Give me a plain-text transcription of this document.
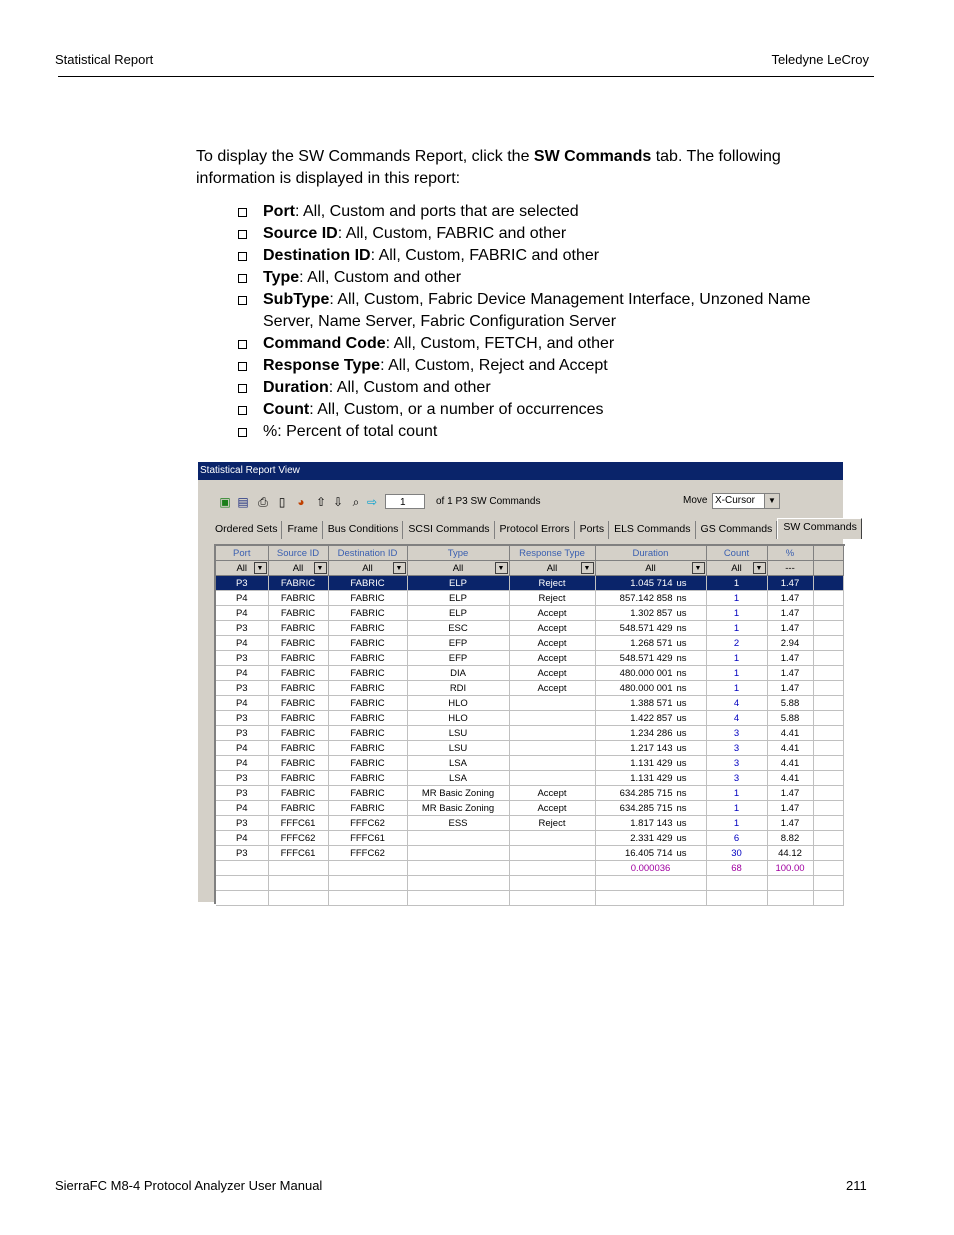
Statistical Report	Teledyne LeCroy
To display the SW Commands Report, click the SW Commands tab. The following information is displayed in this report:
Port: All, Custom and ports that are selected
Source ID: All, Custom, FABRIC and other
Destination ID: All, Custom, FABRIC and other
Type: All, Custom and other
SubType: All, Custom, Fabric Device Management Interface, Unzoned Name Server, Name Server, Fabric Configuration Server
Command Code: All, Custom, FETCH, and other
Response Type: All, Custom, Reject and Accept
Duration: All, Custom and other
Count: All, Custom, or a number of occurrences
%: Percent of total count
Statistical Report View
▣ ▤ ⎙ ▯	◕ ⇧ ⇩ ⌕ ⇨	1	of 1 P3 SW Commands	Move X-Cursor	▼
Ordered Sets Frame Bus Conditions SCSI Commands Protocol Errors Ports ELS Commands GS Commands SW Commands
Port	Source ID	Destination ID	Type	Response Type	Duration	Count	%	
All ▼	All ▼	All ▼	All ▼	All ▼	All ▼	All ▼	---	
P3	FABRIC	FABRIC	ELP	Reject	1.045 714 us	1	1.47	
P4	FABRIC	FABRIC	ELP	Reject	857.142 858 ns	1	1.47	
P4	FABRIC	FABRIC	ELP	Accept	1.302 857 us	1	1.47	
P3	FABRIC	FABRIC	ESC	Accept	548.571 429 ns	1	1.47	
P4	FABRIC	FABRIC	EFP	Accept	1.268 571 us	2	2.94	
P3	FABRIC	FABRIC	EFP	Accept	548.571 429 ns	1	1.47	
P4	FABRIC	FABRIC	DIA	Accept	480.000 001 ns	1	1.47	
P3	FABRIC	FABRIC	RDI	Accept	480.000 001 ns	1	1.47	
P4	FABRIC	FABRIC	HLO		1.388 571 us	4	5.88	
P3	FABRIC	FABRIC	HLO		1.422 857 us	4	5.88	
P3	FABRIC	FABRIC	LSU		1.234 286 us	3	4.41	
P4	FABRIC	FABRIC	LSU		1.217 143 us	3	4.41	
P4	FABRIC	FABRIC	LSA		1.131 429 us	3	4.41	
P3	FABRIC	FABRIC	LSA		1.131 429 us	3	4.41	
P3	FABRIC	FABRIC	MR Basic Zoning	Accept	634.285 715 ns	1	1.47	
P4	FABRIC	FABRIC	MR Basic Zoning	Accept	634.285 715 ns	1	1.47	
P3	FFFC61	FFFC62	ESS	Reject	1.817 143 us	1	1.47	
P4	FFFC62	FFFC61			2.331 429 us	6	8.82	
P3	FFFC61	FFFC62			16.405 714 us	30	44.12	
					0.000036	68	100.00	

SierraFC M8-4 Protocol Analyzer User Manual	211
